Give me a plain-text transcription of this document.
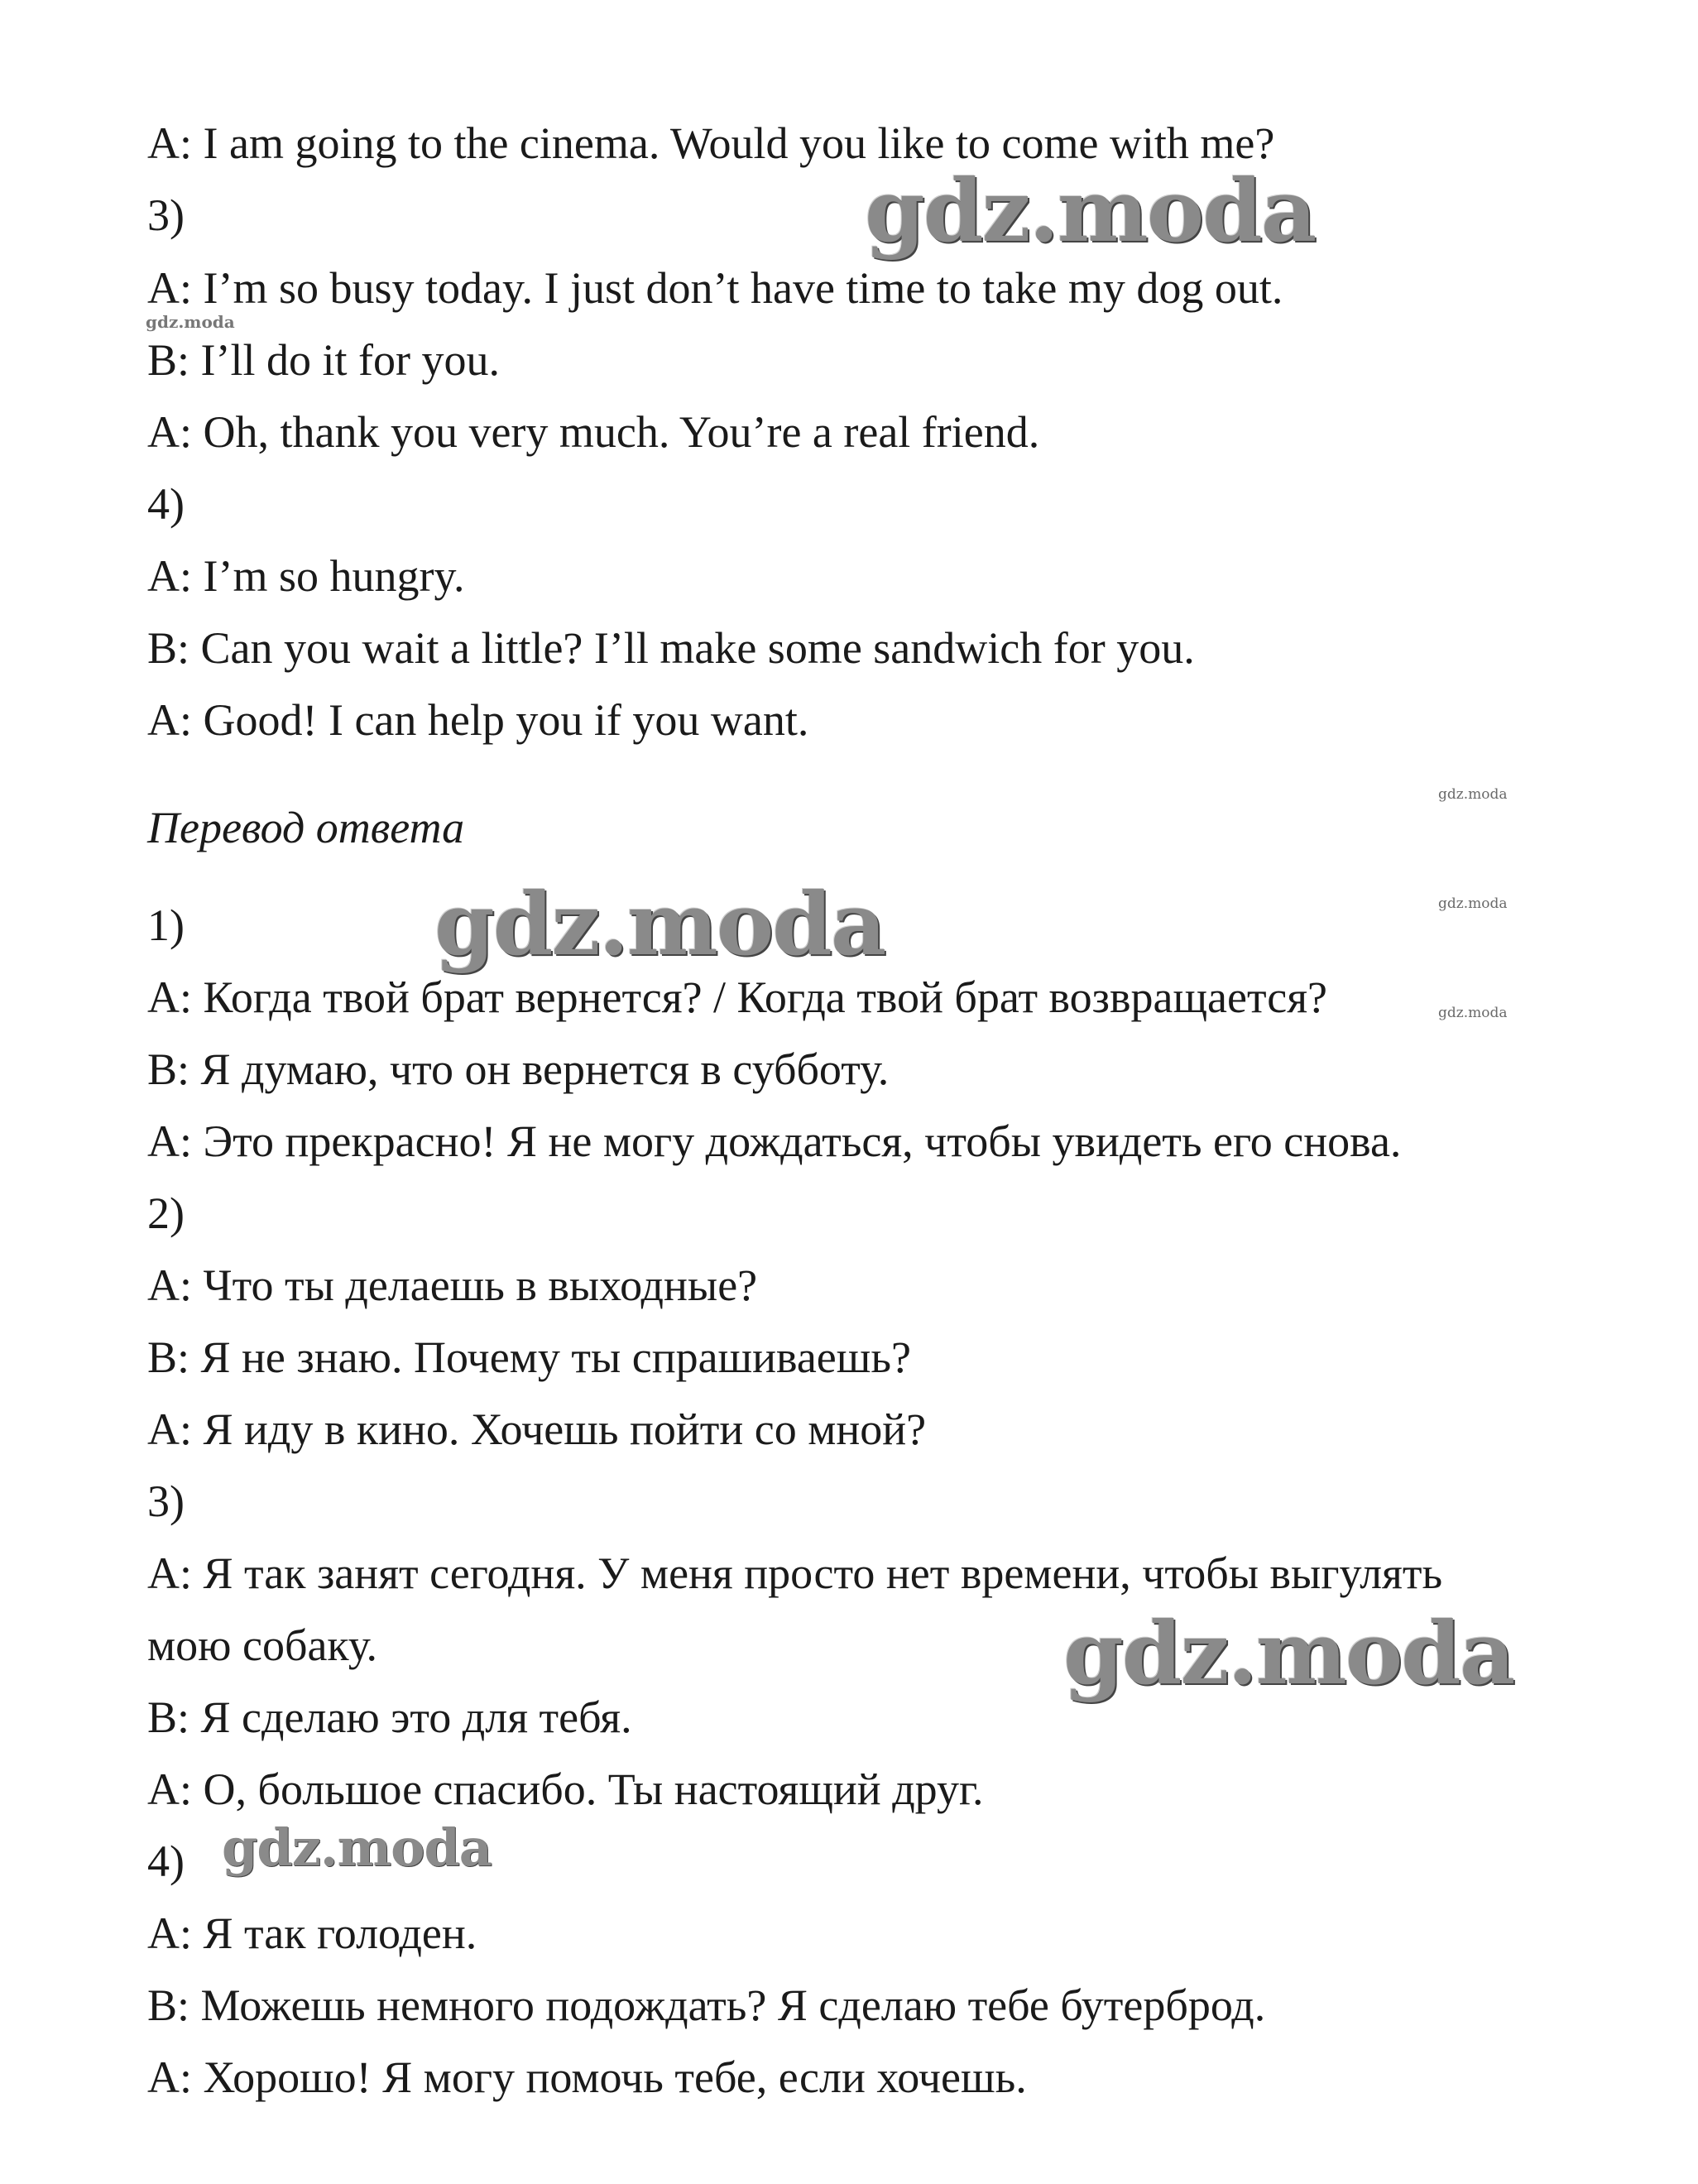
A: I am going to the cinema. Would you like to come with me?
3)
A: I’m so busy today. I just don’t have time to take my dog out.
B: I’ll do it for you.
A: Oh, thank you very much. You’re a real friend.
4)
A: I’m so hungry.
B: Can you wait a little? I’ll make some sandwich for you.
A: Good! I can help you if you want.
Перевод ответа
1)
A: Когда твой брат вернется? / Когда твой брат возвращается?
B: Я думаю, что он вернется в субботу.
A: Это прекрасно! Я не могу дождаться, чтобы увидеть его снова.
2)
A: Что ты делаешь в выходные?
B: Я не знаю. Почему ты спрашиваешь?
A: Я иду в кино. Хочешь пойти со мной?
3)
A: Я так занят сегодня. У меня просто нет времени, чтобы выгулять
мою собаку.
B: Я сделаю это для тебя.
A: О, большое спасибо. Ты настоящий друг.
4)
A: Я так голоден.
B: Можешь немного подождать? Я сделаю тебе бутерброд.
A: Хорошо! Я могу помочь тебе, если хочешь.
gdz.moda
gdz.moda
gdz.moda
gdz.moda	gdz.moda
gdz.moda
gdz.moda
gdz.moda
